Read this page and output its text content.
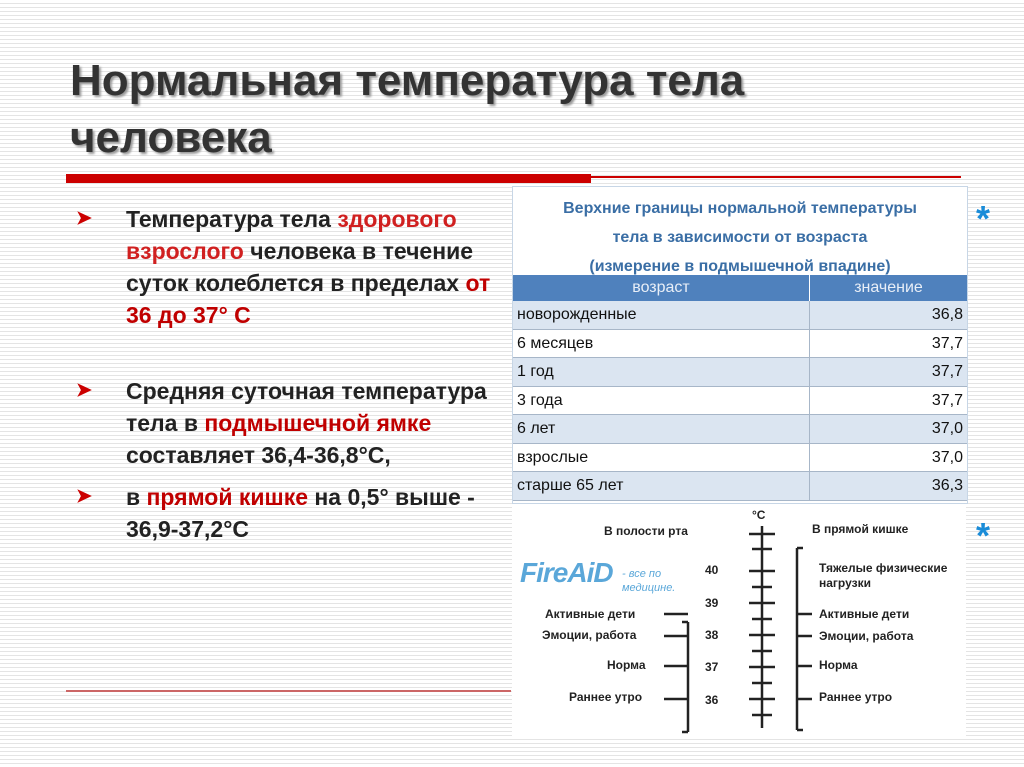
Нормальная температура тела
человека
➤ Температура тела здорового взрослого человека в течение суток колеблется в пределах от 36 до 37° С
➤ Средняя суточная температура тела в подмышечной ямке составляет 36,4-36,8°С,
➤ в прямой кишке на 0,5° выше - 36,9-37,2°С
*
*
Верхние границы нормальной температуры
тела в зависимости от возраста
(измерение в подмышечной впадине)
возраст	значение
новорожденные	36,8
6 месяцев	37,7
1 год	37,7
3 года	37,7
6 лет	37,0
взрослые	37,0
старше 65 лет	36,3
°С
В полости рта	В прямой кишке
FireAiD - все по
медицине.
40
39
38
37
36
Активные дети
Эмоции, работа
Норма
Раннее утро
Тяжелые физические
нагрузки
Активные дети
Эмоции, работа
Норма
Раннее утро
